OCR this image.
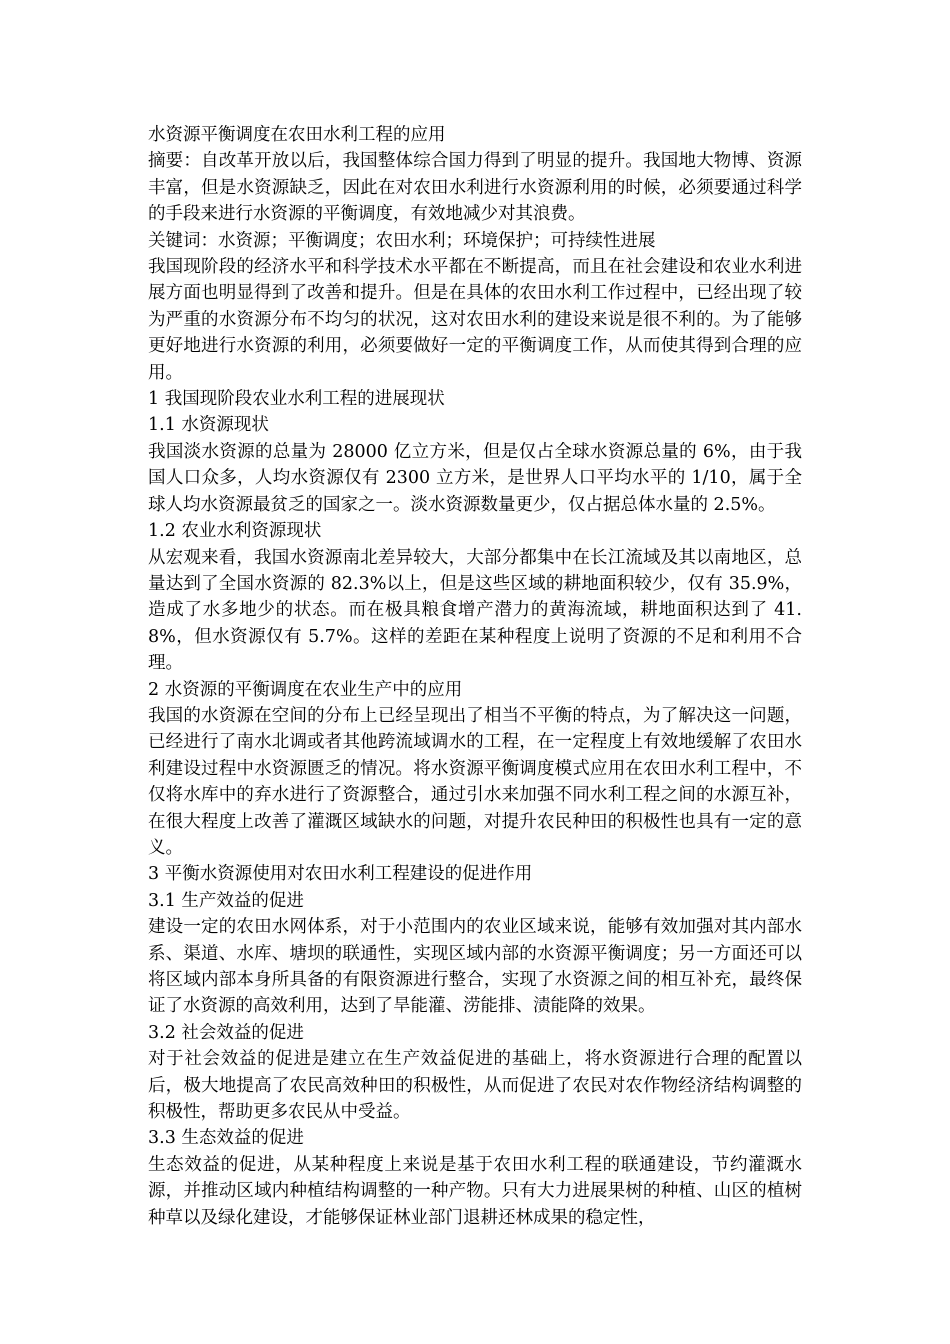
水资源平衡调度在农田水利工程的应用

摘要：自改革开放以后，我国整体综合国力得到了明显的提升。我国地大物博、资源丰富，但是水资源缺乏，因此在对农田水利进行水资源利用的时候，必须要通过科学的手段来进行水资源的平衡调度，有效地减少对其浪费。

关键词：水资源；平衡调度；农田水利；环境保护；可持续性进展

我国现阶段的经济水平和科学技术水平都在不断提高，而且在社会建设和农业水利进展方面也明显得到了改善和提升。但是在具体的农田水利工作过程中，已经出现了较为严重的水资源分布不均匀的状况，这对农田水利的建设来说是很不利的。为了能够更好地进行水资源的利用，必须要做好一定的平衡调度工作，从而使其得到合理的应用。

1 我国现阶段农业水利工程的进展现状

1.1 水资源现状

我国淡水资源的总量为 28000 亿立方米，但是仅占全球水资源总量的 6%，由于我国人口众多，人均水资源仅有 2300 立方米，是世界人口平均水平的 1/10，属于全球人均水资源最贫乏的国家之一。淡水资源数量更少，仅占据总体水量的 2.5%。

1.2 农业水利资源现状

从宏观来看，我国水资源南北差异较大，大部分都集中在长江流域及其以南地区，总量达到了全国水资源的 82.3%以上，但是这些区域的耕地面积较少，仅有 35.9%，造成了水多地少的状态。而在极具粮食增产潜力的黄海流域，耕地面积达到了 41.8%，但水资源仅有 5.7%。这样的差距在某种程度上说明了资源的不足和利用不合理。

2 水资源的平衡调度在农业生产中的应用

我国的水资源在空间的分布上已经呈现出了相当不平衡的特点，为了解决这一问题，已经进行了南水北调或者其他跨流域调水的工程，在一定程度上有效地缓解了农田水利建设过程中水资源匮乏的情况。将水资源平衡调度模式应用在农田水利工程中，不仅将水库中的弃水进行了资源整合，通过引水来加强不同水利工程之间的水源互补，在很大程度上改善了灌溉区域缺水的问题，对提升农民种田的积极性也具有一定的意义。

3 平衡水资源使用对农田水利工程建设的促进作用

3.1 生产效益的促进

建设一定的农田水网体系，对于小范围内的农业区域来说，能够有效加强对其内部水系、渠道、水库、塘坝的联通性，实现区域内部的水资源平衡调度；另一方面还可以将区域内部本身所具备的有限资源进行整合，实现了水资源之间的相互补充，最终保证了水资源的高效利用，达到了旱能灌、涝能排、渍能降的效果。

3.2 社会效益的促进

对于社会效益的促进是建立在生产效益促进的基础上，将水资源进行合理的配置以后，极大地提高了农民高效种田的积极性，从而促进了农民对农作物经济结构调整的积极性，帮助更多农民从中受益。

3.3 生态效益的促进

生态效益的促进，从某种程度上来说是基于农田水利工程的联通建设，节约灌溉水源，并推动区域内种植结构调整的一种产物。只有大力进展果树的种植、山区的植树种草以及绿化建设，才能够保证林业部门退耕还林成果的稳定性，
